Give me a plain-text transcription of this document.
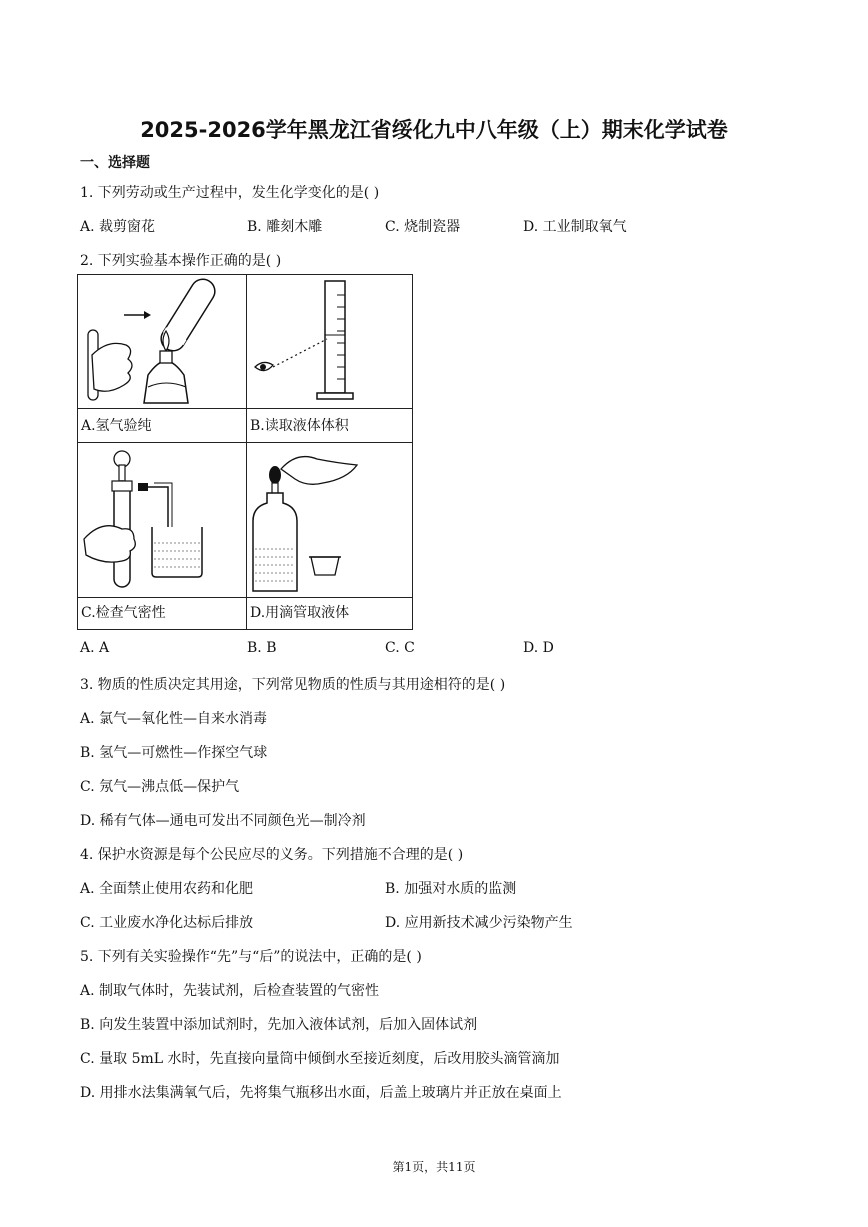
2025-2026学年黑龙江省绥化九中八年级（上）期末化学试卷
一、选择题
1. 下列劳动或生产过程中，发生化学变化的是( )
A. 裁剪窗花	B. 雕刻木雕	C. 烧制瓷器	D. 工业制取氧气
2. 下列实验基本操作正确的是( )
A.氢气验纯	B.读取液体体积
C.检查气密性	D.用滴管取液体
A. A	B. B	C. C	D. D
3. 物质的性质决定其用途，下列常见物质的性质与其用途相符的是( )
A. 氯气—氧化性—自来水消毒
B. 氢气—可燃性—作探空气球
C. 氖气—沸点低—保护气
D. 稀有气体—通电可发出不同颜色光—制冷剂
4. 保护水资源是每个公民应尽的义务。下列措施不合理的是( )
A. 全面禁止使用农药和化肥	B. 加强对水质的监测
C. 工业废水净化达标后排放	D. 应用新技术减少污染物产生
5. 下列有关实验操作“先”与“后”的说法中，正确的是( )
A. 制取气体时，先装试剂，后检查装置的气密性
B. 向发生装置中添加试剂时，先加入液体试剂，后加入固体试剂
C. 量取 5mL 水时，先直接向量筒中倾倒水至接近刻度，后改用胶头滴管滴加
D. 用排水法集满氧气后，先将集气瓶移出水面，后盖上玻璃片并正放在桌面上
第1页，共11页
